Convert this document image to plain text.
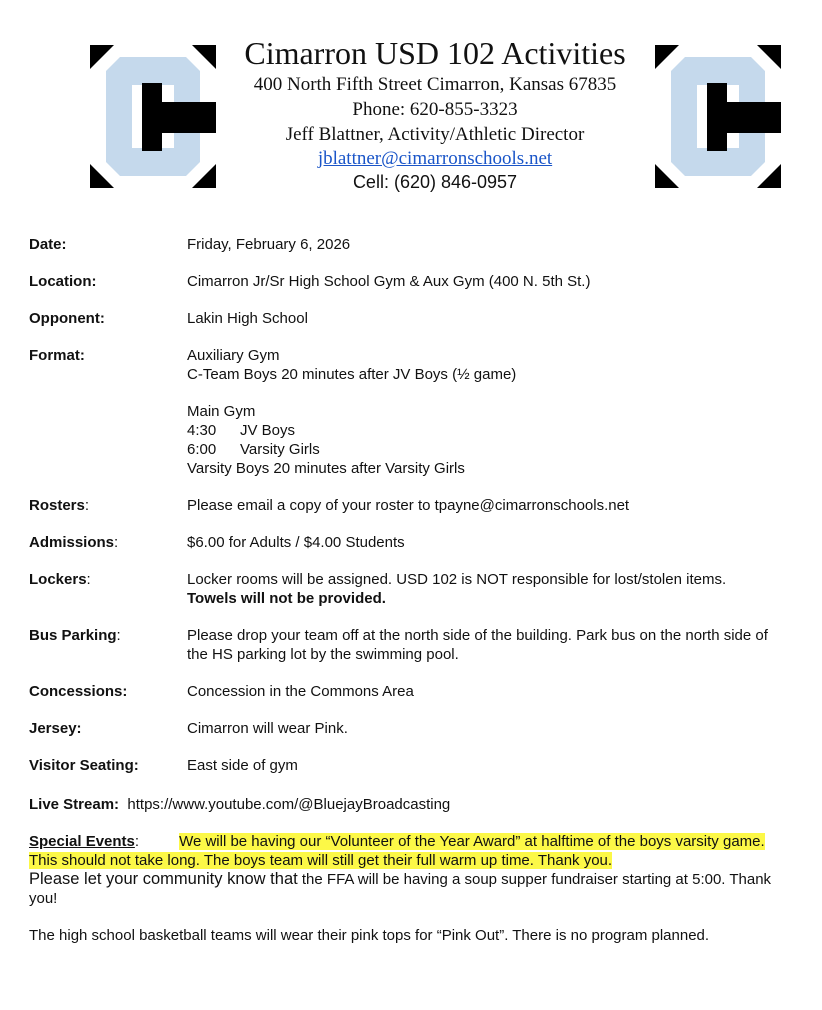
Cimarron USD 102 Activities
400 North Fifth Street Cimarron, Kansas 67835
Phone: 620-855-3323
Jeff Blattner, Activity/Athletic Director
jblattner@cimarronschools.net
Cell: (620) 846-0957
Date:	Friday, February 6, 2026
Location:	Cimarron Jr/Sr High School Gym & Aux Gym (400 N. 5th St.)
Opponent:	Lakin High School
Format:	Auxiliary Gym
C-Team Boys 20 minutes after JV Boys (½ game)
Main Gym
4:30 JV Boys
6:00 Varsity Girls
Varsity Boys 20 minutes after Varsity Girls
Rosters:	Please email a copy of your roster to tpayne@cimarronschools.net
Admissions:	$6.00 for Adults / $4.00 Students
Lockers:	Locker rooms will be assigned. USD 102 is NOT responsible for lost/stolen items.
Towels will not be provided.
Bus Parking:	Please drop your team off at the north side of the building. Park bus on the north side of the HS parking lot by the swimming pool.
Concessions:	Concession in the Commons Area
Jersey:	Cimarron will wear Pink.
Visitor Seating:	East side of gym
Live Stream: https://www.youtube.com/@BluejayBroadcasting
Special Events:	We will be having our “Volunteer of the Year Award” at halftime of the boys varsity game. This should not take long. The boys team will still get their full warm up time. Thank you.
Please let your community know that the FFA will be having a soup supper fundraiser starting at 5:00. Thank you!
The high school basketball teams will wear their pink tops for “Pink Out”. There is no program planned.
